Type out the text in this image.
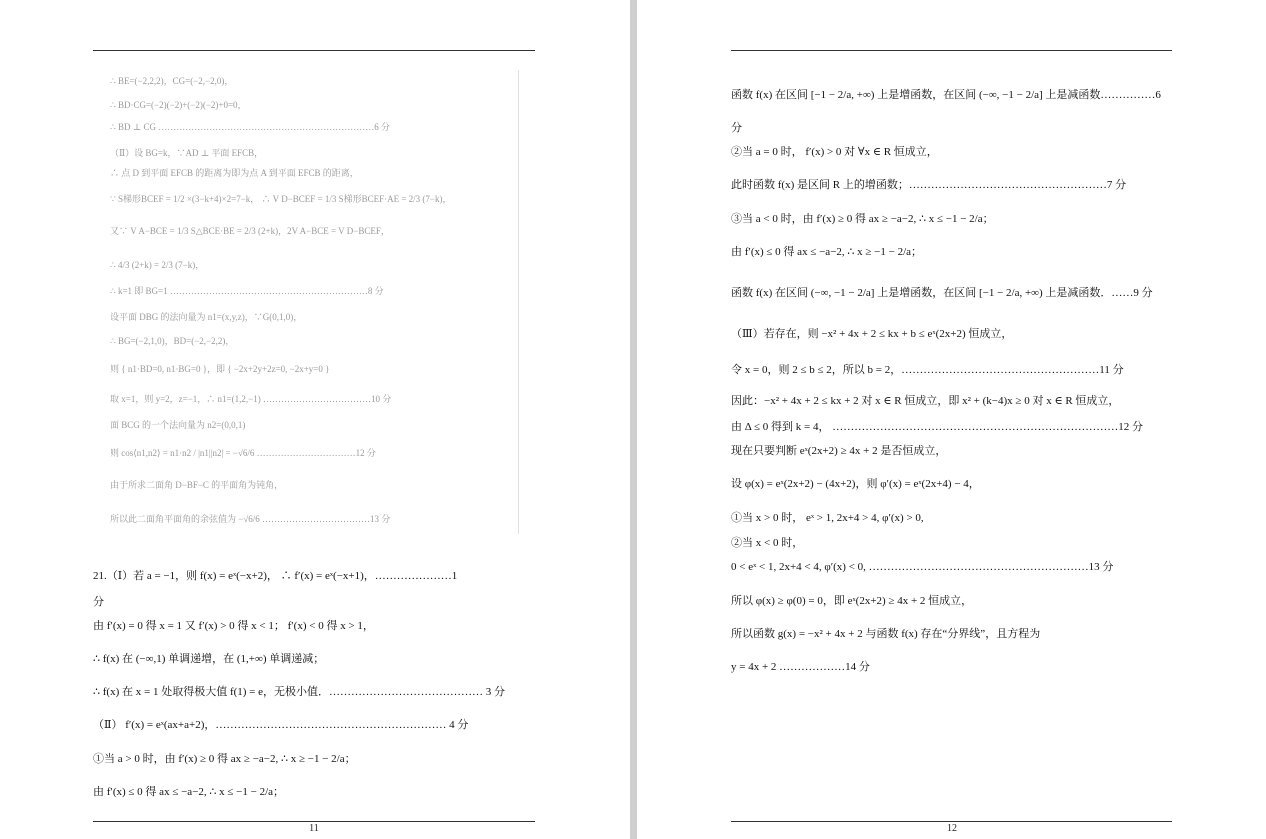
∴ BE=(−2,2,2)，CG=(−2,−2,0)，
∴ BD·CG=(−2)(−2)+(−2)(−2)+0=0，
∴ BD ⊥ CG ………………………………………………………………6 分
（Ⅱ）设 BG=k，∵AD ⊥ 平面 EFCB，
∴ 点 D 到平面 EFCB 的距离为即为点 A 到平面 EFCB 的距离，
∵ S梯形BCEF = 1/2 ×(3−k+4)×2=7−k， ∴ V D−BCEF = 1/3 S梯形BCEF·AE = 2/3 (7−k)，
又∵ V A−BCE = 1/3 S△BCE·BE = 2/3 (2+k)，2V A−BCE = V D−BCEF，
∴ 4/3 (2+k) = 2/3 (7−k)，
∴ k=1 即 BG=1 …………………………………………………………8 分
设平面 DBG 的法向量为 n1=(x,y,z)，∵G(0,1,0)，
∴ BG=(−2,1,0)，BD=(−2,−2,2)，
则 { n1·BD=0, n1·BG=0 }，即 { −2x+2y+2z=0, −2x+y=0 }
取 x=1，则 y=2，z=−1，∴ n1=(1,2,−1) ………………………………10 分
面 BCG 的一个法向量为 n2=(0,0,1)
则 cos⟨n1,n2⟩ = n1·n2 / |n1||n2| = −√6/6 ……………………………12 分
由于所求二面角 D−BF−C 的平面角为钝角，
所以此二面角平面角的余弦值为 −√6/6 ………………………………13 分
21.（Ⅰ）若 a = −1，则 f(x) = eˣ(−x+2)， ∴ f′(x) = eˣ(−x+1)，…………………1
分
由 f′(x) = 0 得 x = 1 又 f′(x) > 0 得 x < 1； f′(x) < 0 得 x > 1，
∴ f(x) 在 (−∞,1) 单调递增，在 (1,+∞) 单调递减；
∴ f(x) 在 x = 1 处取得极大值 f(1) = e，无极小值．…………………………………… 3 分
（Ⅱ） f′(x) = eˣ(ax+a+2)，……………………………………………………… 4 分
①当 a > 0 时，由 f′(x) ≥ 0 得 ax ≥ −a−2, ∴ x ≥ −1 − 2/a；
由 f′(x) ≤ 0 得 ax ≤ −a−2, ∴ x ≤ −1 − 2/a；
11
函数 f(x) 在区间 [−1 − 2/a, +∞) 上是增函数，在区间 (−∞, −1 − 2/a] 上是减函数……………6
分
②当 a = 0 时， f′(x) > 0 对 ∀x ∈ R 恒成立，
此时函数 f(x) 是区间 R 上的增函数；………………………………………………7 分
③当 a < 0 时，由 f′(x) ≥ 0 得 ax ≥ −a−2, ∴ x ≤ −1 − 2/a；
由 f′(x) ≤ 0 得 ax ≤ −a−2, ∴ x ≥ −1 − 2/a；
函数 f(x) 在区间 (−∞, −1 − 2/a] 上是增函数，在区间 [−1 − 2/a, +∞) 上是减函数．……9 分
（Ⅲ）若存在，则 −x² + 4x + 2 ≤ kx + b ≤ eˣ(2x+2) 恒成立，
令 x = 0，则 2 ≤ b ≤ 2，所以 b = 2，………………………………………………11 分
因此：−x² + 4x + 2 ≤ kx + 2 对 x ∈ R 恒成立，即 x² + (k−4)x ≥ 0 对 x ∈ R 恒成立，
由 Δ ≤ 0 得到 k = 4， ……………………………………………………………………12 分
现在只要判断 eˣ(2x+2) ≥ 4x + 2 是否恒成立，
设 φ(x) = eˣ(2x+2) − (4x+2)，则 φ′(x) = eˣ(2x+4) − 4，
①当 x > 0 时， eˣ > 1, 2x+4 > 4, φ′(x) > 0,
②当 x < 0 时，
0 < eˣ < 1, 2x+4 < 4, φ′(x) < 0, ……………………………………………………13 分
所以 φ(x) ≥ φ(0) = 0，即 eˣ(2x+2) ≥ 4x + 2 恒成立，
所以函数 g(x) = −x² + 4x + 2 与函数 f(x) 存在“分界线”，且方程为
y = 4x + 2 ………………14 分
12
